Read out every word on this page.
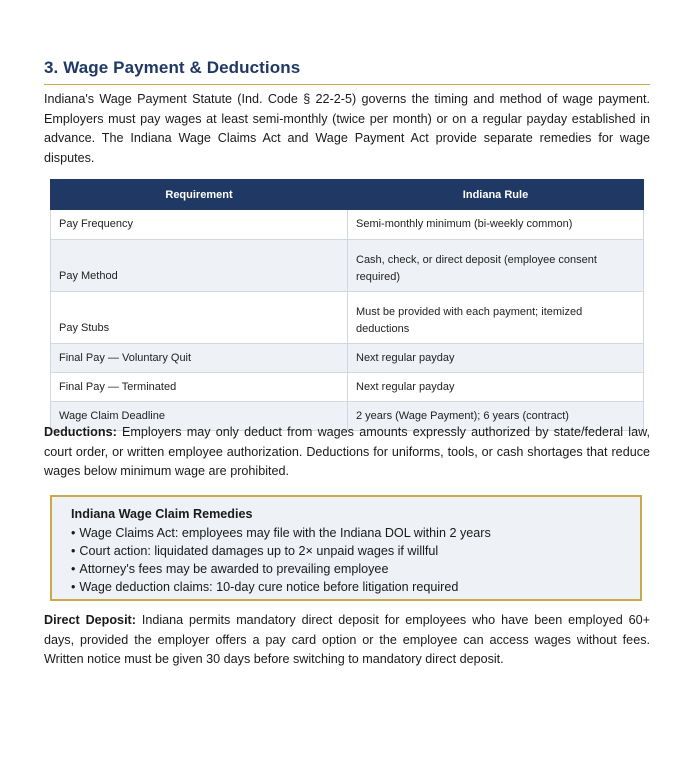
3. Wage Payment & Deductions

Indiana's Wage Payment Statute (Ind. Code § 22-2-5) governs the timing and method of wage payment. Employers must pay wages at least semi-monthly (twice per month) or on a regular payday established in advance. The Indiana Wage Claims Act and Wage Payment Act provide separate remedies for wage disputes.

Requirement	Indiana Rule
Pay Frequency	Semi-monthly minimum (bi-weekly common)
Pay Method	Cash, check, or direct deposit (employee consent required)
Pay Stubs	Must be provided with each payment; itemized deductions
Final Pay — Voluntary Quit	Next regular payday
Final Pay — Terminated	Next regular payday
Wage Claim Deadline	2 years (Wage Payment); 6 years (contract)

Deductions: Employers may only deduct from wages amounts expressly authorized by state/federal law, court order, or written employee authorization. Deductions for uniforms, tools, or cash shortages that reduce wages below minimum wage are prohibited.

Indiana Wage Claim Remedies

• Wage Claims Act: employees may file with the Indiana DOL within 2 years
• Court action: liquidated damages up to 2× unpaid wages if willful
• Attorney's fees may be awarded to prevailing employee
• Wage deduction claims: 10-day cure notice before litigation required

Direct Deposit: Indiana permits mandatory direct deposit for employees who have been employed 60+ days, provided the employer offers a pay card option or the employee can access wages without fees. Written notice must be given 30 days before switching to mandatory direct deposit.
